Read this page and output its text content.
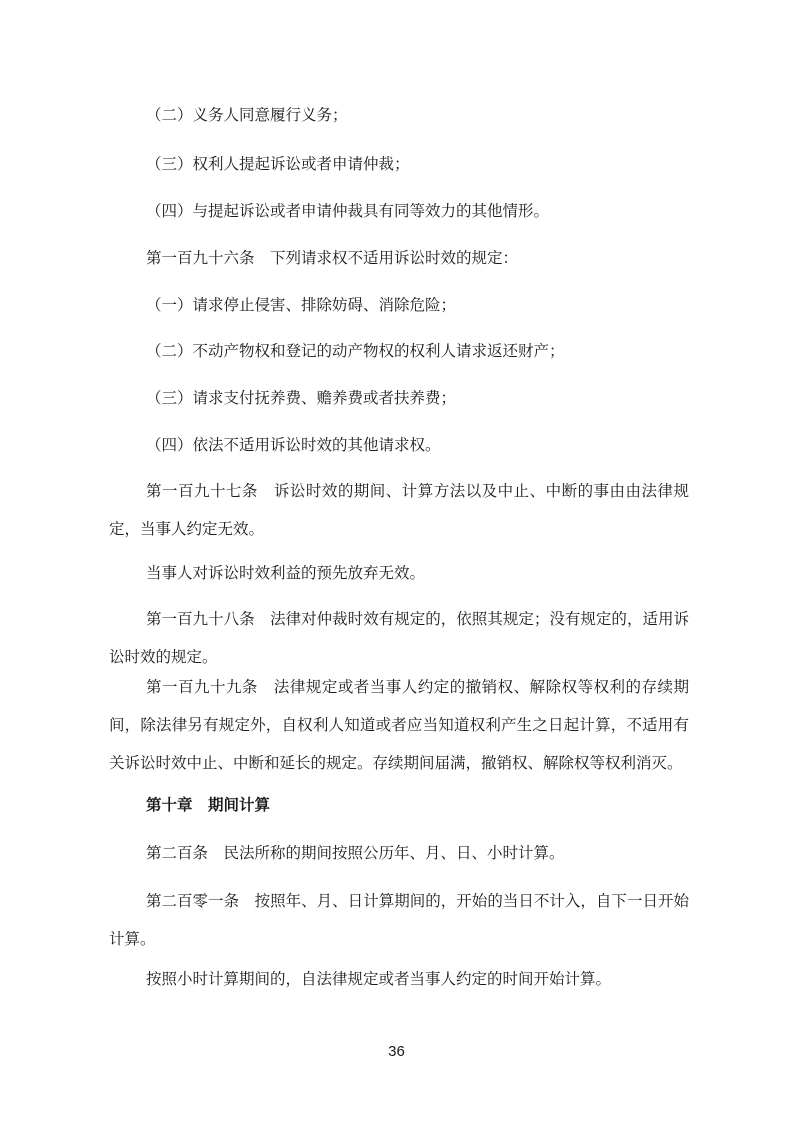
（二）义务人同意履行义务；

（三）权利人提起诉讼或者申请仲裁；

（四）与提起诉讼或者申请仲裁具有同等效力的其他情形。

第一百九十六条　下列请求权不适用诉讼时效的规定：

（一）请求停止侵害、排除妨碍、消除危险；

（二）不动产物权和登记的动产物权的权利人请求返还财产；

（三）请求支付抚养费、赡养费或者扶养费；

（四）依法不适用诉讼时效的其他请求权。

第一百九十七条　诉讼时效的期间、计算方法以及中止、中断的事由由法律规定，当事人约定无效。

当事人对诉讼时效利益的预先放弃无效。

第一百九十八条　法律对仲裁时效有规定的，依照其规定；没有规定的，适用诉讼时效的规定。

第一百九十九条　法律规定或者当事人约定的撤销权、解除权等权利的存续期间，除法律另有规定外，自权利人知道或者应当知道权利产生之日起计算，不适用有关诉讼时效中止、中断和延长的规定。存续期间届满，撤销权、解除权等权利消灭。

第十章　期间计算

第二百条　民法所称的期间按照公历年、月、日、小时计算。

第二百零一条　按照年、月、日计算期间的，开始的当日不计入，自下一日开始计算。

按照小时计算期间的，自法律规定或者当事人约定的时间开始计算。

36
